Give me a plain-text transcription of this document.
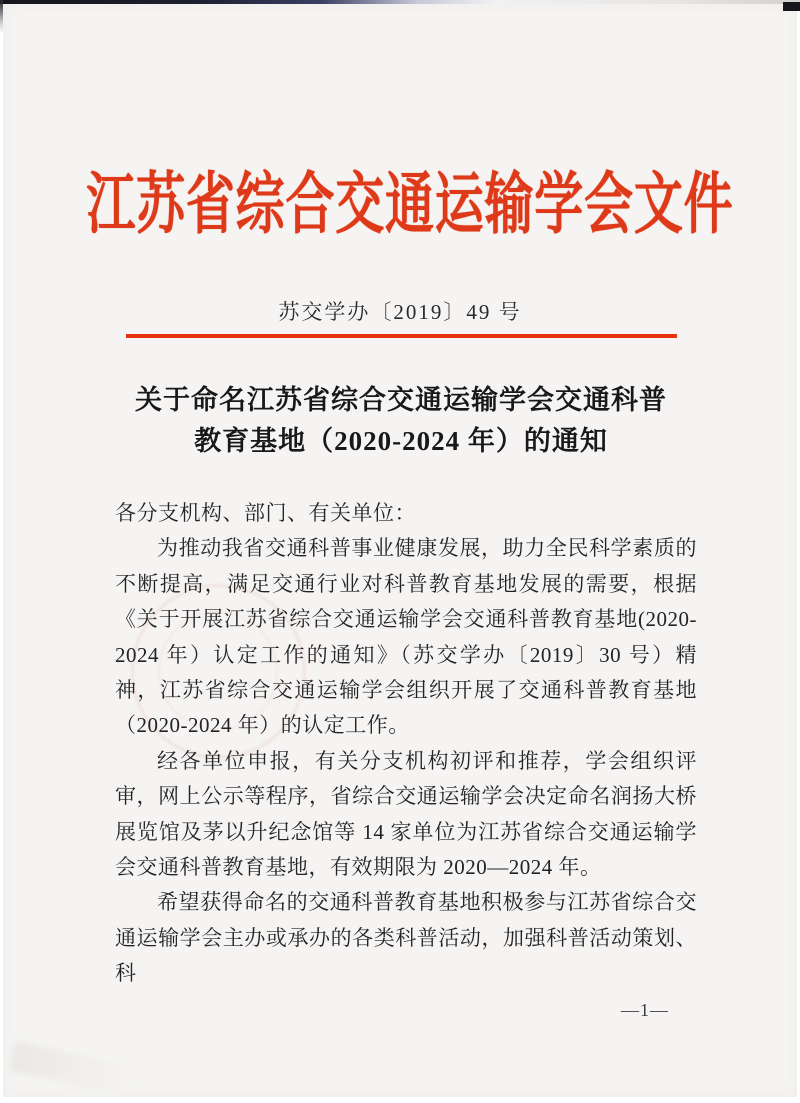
江苏省综合交通运输学会文件
苏交学办〔2019〕49 号
关于命名江苏省综合交通运输学会交通科普
教育基地（2020-2024 年）的通知

各分支机构、部门、有关单位：

为推动我省交通科普事业健康发展，助力全民科学素质的不断提高，满足交通行业对科普教育基地发展的需要，根据《关于开展江苏省综合交通运输学会交通科普教育基地(2020-2024 年）认定工作的通知》（苏交学办〔2019〕30 号）精神，江苏省综合交通运输学会组织开展了交通科普教育基地（2020-2024 年）的认定工作。

经各单位申报，有关分支机构初评和推荐，学会组织评审，网上公示等程序，省综合交通运输学会决定命名润扬大桥展览馆及茅以升纪念馆等 14 家单位为江苏省综合交通运输学会交通科普教育基地，有效期限为 2020—2024 年。

希望获得命名的交通科普教育基地积极参与江苏省综合交通运输学会主办或承办的各类科普活动，加强科普活动策划、科

—1—
